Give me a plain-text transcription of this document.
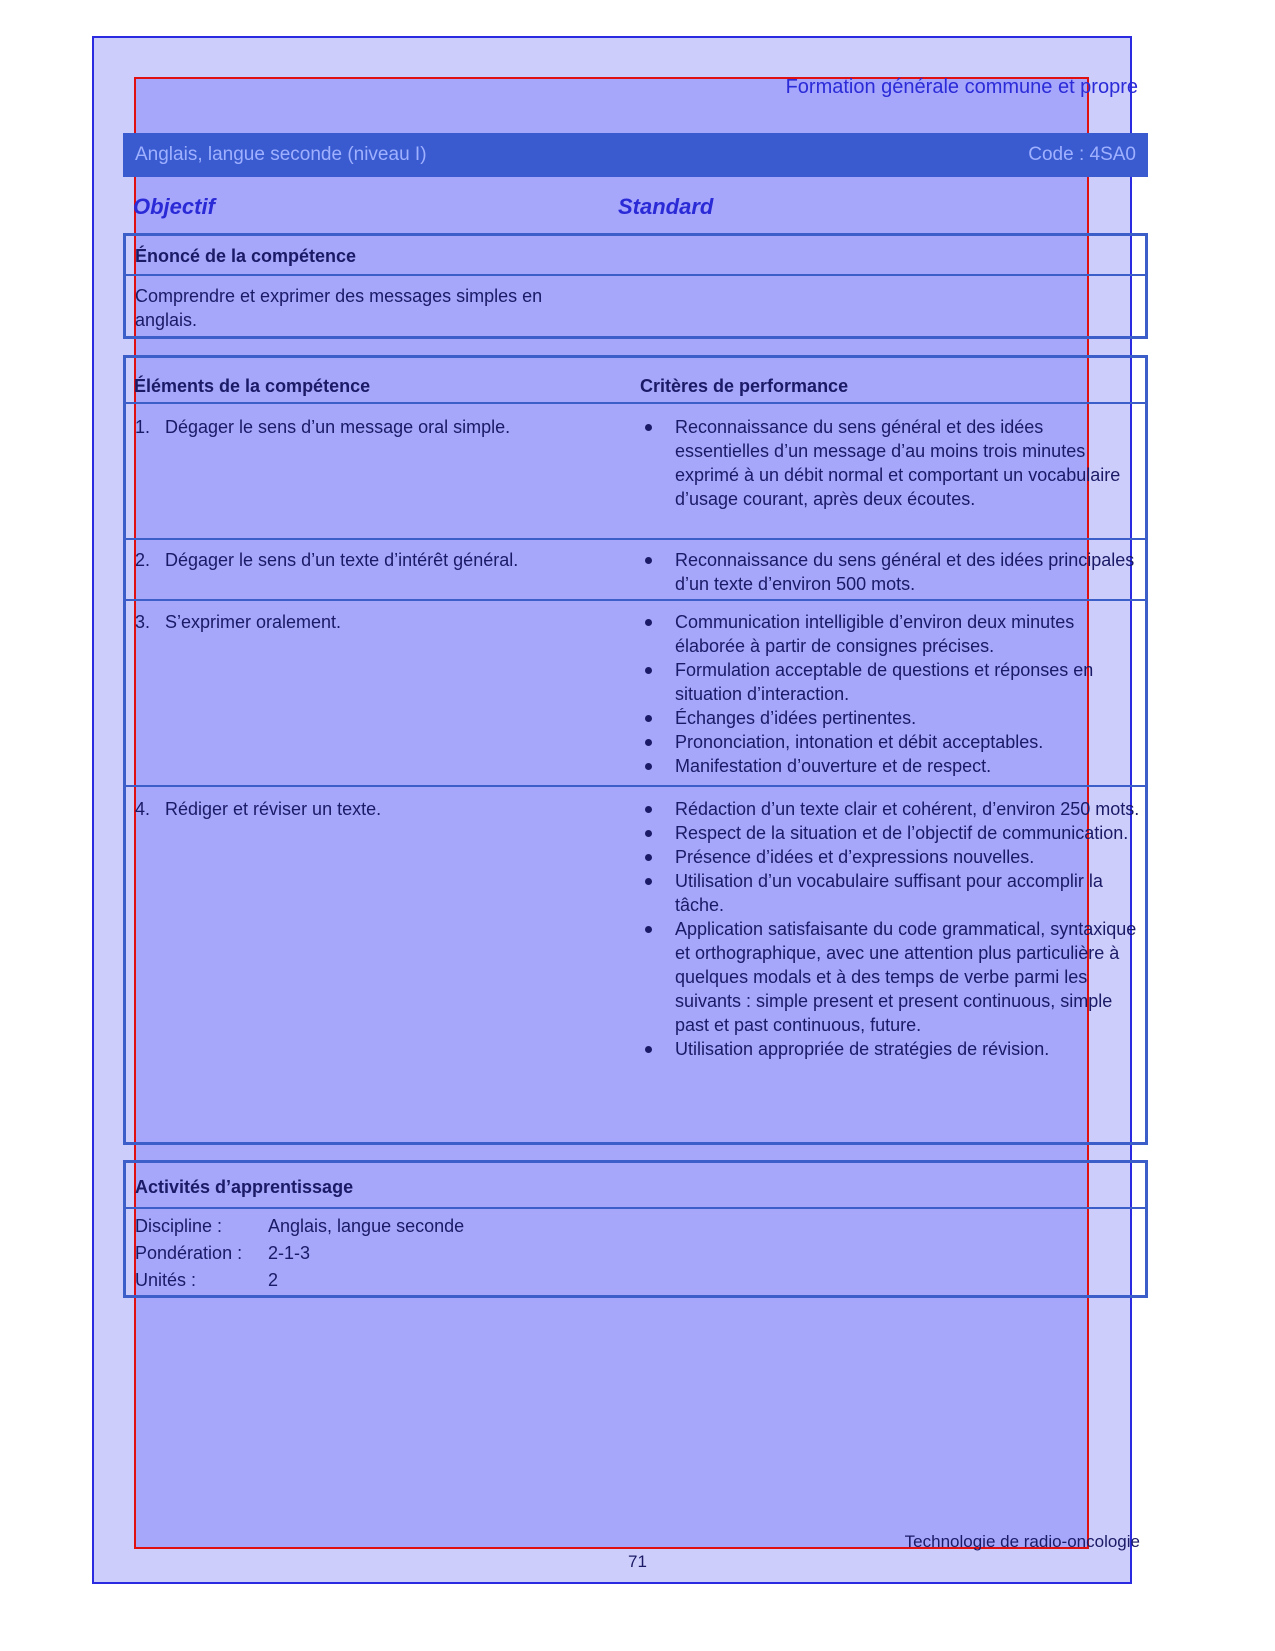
Formation générale commune et propre
Anglais, langue seconde (niveau I)	Code : 4SA0
Objectif	Standard
Énoncé de la compétence
Comprendre et exprimer des messages simples en anglais.
Éléments de la compétence	Critères de performance
1. Dégager le sens d’un message oral simple.	Reconnaissance du sens général et des idées essentielles d’un message d’au moins trois minutes exprimé à un débit normal et comportant un vocabulaire d’usage courant, après deux écoutes.

2. Dégager le sens d’un texte d’intérêt général.	Reconnaissance du sens général et des idées principales d’un texte d’environ 500 mots.

3. S’exprimer oralement.	Communication intelligible d’environ deux minutes élaborée à partir de consignes précises.

Formulation acceptable de questions et réponses en situation d’interaction.

Échanges d’idées pertinentes.

Prononciation, intonation et débit acceptables.

Manifestation d’ouverture et de respect.

4. Rédiger et réviser un texte.	Rédaction d’un texte clair et cohérent, d’environ 250 mots.

Respect de la situation et de l’objectif de communication.

Présence d’idées et d’expressions nouvelles.

Utilisation d’un vocabulaire suffisant pour accomplir la tâche.

Application satisfaisante du code grammatical, syntaxique et orthographique, avec une attention plus particulière à quelques modals et à des temps de verbe parmi les suivants : simple present et present continuous, simple past et past continuous, future.

Utilisation appropriée de stratégies de révision.

Activités d’apprentissage
Discipline :	Anglais, langue seconde
Pondération : 2-1-3
Unités :	2
Technologie de radio-oncologie
71
